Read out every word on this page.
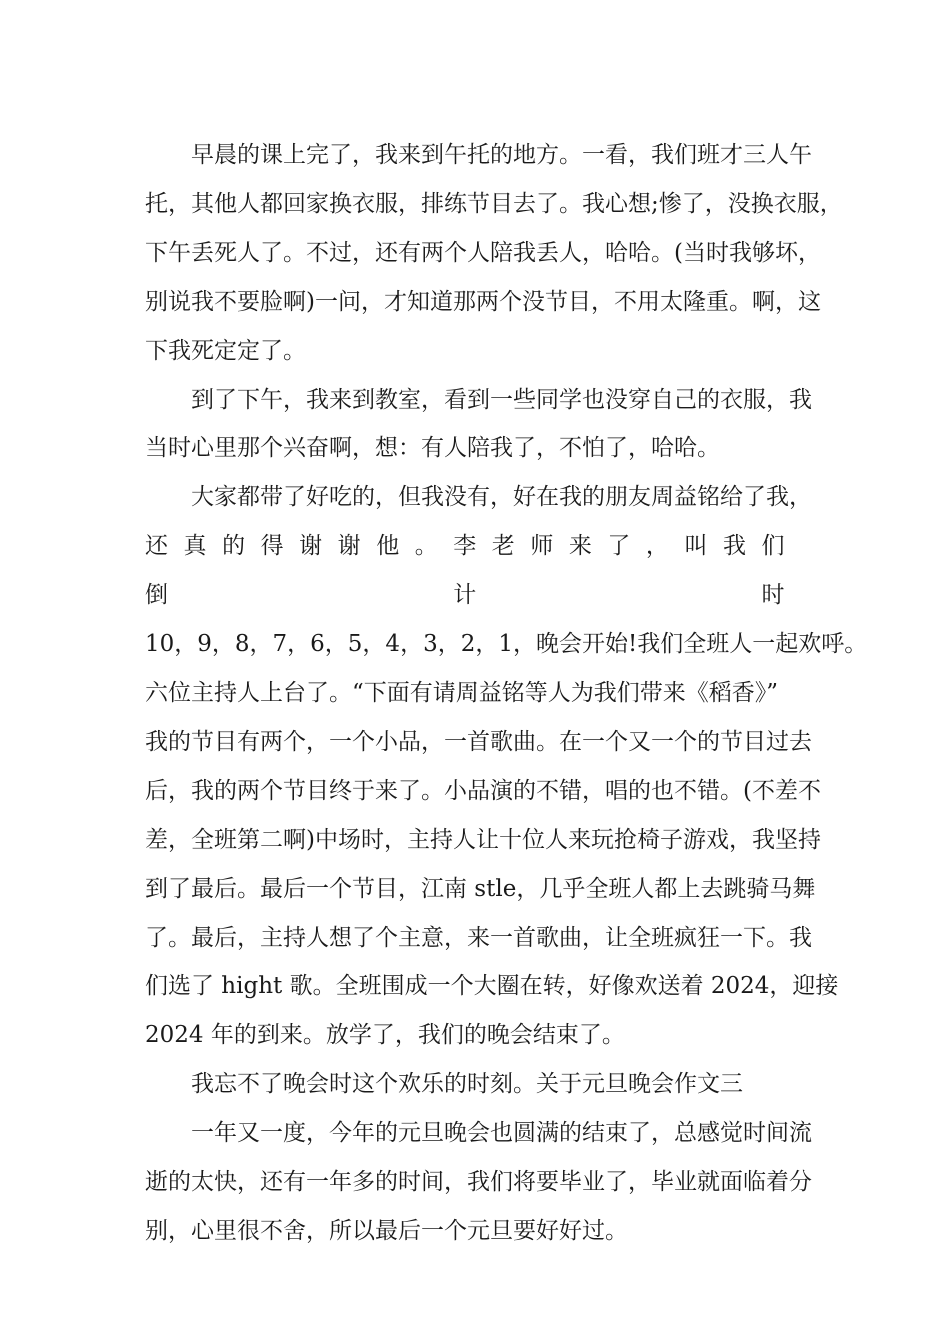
早晨的课上完了，我来到午托的地方。一看，我们班才三人午
托，其他人都回家换衣服，排练节目去了。我心想;惨了，没换衣服，
下午丢死人了。不过，还有两个人陪我丢人，哈哈。(当时我够坏，
别说我不要脸啊)一问，才知道那两个没节目，不用太隆重。啊，这
下我死定定了。
到了下午，我来到教室，看到一些同学也没穿自己的衣服，我
当时心里那个兴奋啊，想：有人陪我了，不怕了，哈哈。
大家都带了好吃的，但我没有，好在我的朋友周益铭给了我，
还真的得谢谢他。李老师来了，叫我们倒计时
10，9，8，7，6，5，4，3，2，1，晚会开始!我们全班人一起欢呼。
六位主持人上台了。“下面有请周益铭等人为我们带来《稻香》”
我的节目有两个，一个小品，一首歌曲。在一个又一个的节目过去
后，我的两个节目终于来了。小品演的不错，唱的也不错。(不差不
差，全班第二啊)中场时，主持人让十位人来玩抢椅子游戏，我坚持
到了最后。最后一个节目，江南 stle，几乎全班人都上去跳骑马舞
了。最后，主持人想了个主意，来一首歌曲，让全班疯狂一下。我
们选了 hight 歌。全班围成一个大圈在转，好像欢送着 2024，迎接
2024 年的到来。放学了，我们的晚会结束了。
我忘不了晚会时这个欢乐的时刻。关于元旦晚会作文三
一年又一度，今年的元旦晚会也圆满的结束了，总感觉时间流
逝的太快，还有一年多的时间，我们将要毕业了，毕业就面临着分
别，心里很不舍，所以最后一个元旦要好好过。
